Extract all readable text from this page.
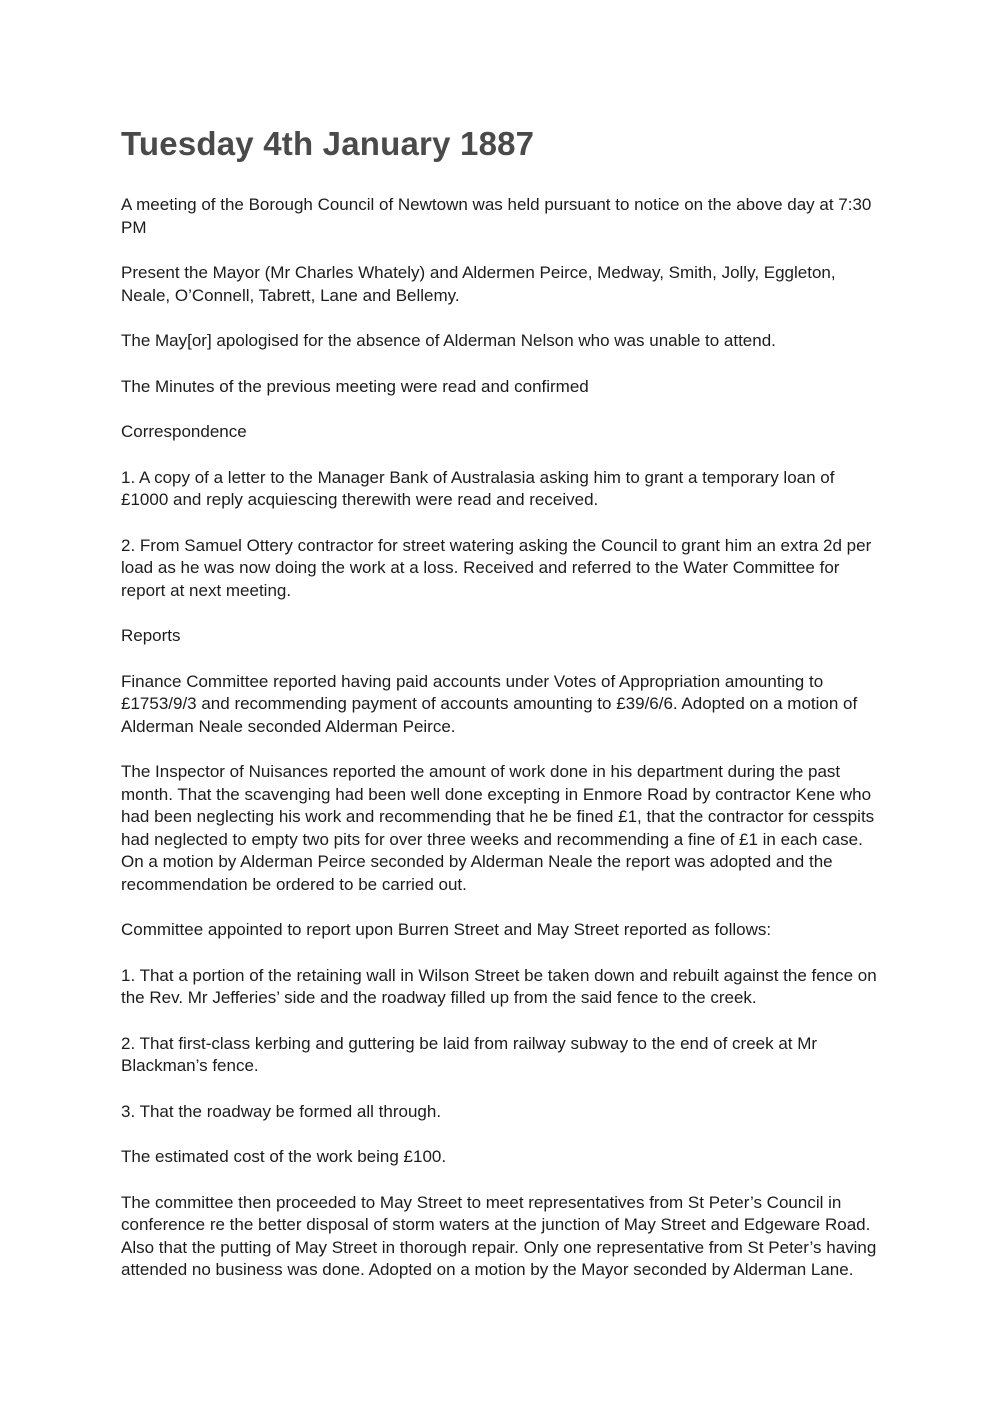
Tuesday 4th January 1887

A meeting of the Borough Council of Newtown was held pursuant to notice on the above day at 7:30 PM

Present the Mayor (Mr Charles Whately) and Aldermen Peirce, Medway, Smith, Jolly, Eggleton, Neale, O’Connell, Tabrett, Lane and Bellemy.

The May[or] apologised for the absence of Alderman Nelson who was unable to attend.

The Minutes of the previous meeting were read and confirmed

Correspondence

1. A copy of a letter to the Manager Bank of Australasia asking him to grant a temporary loan of £1000 and reply acquiescing therewith were read and received.

2. From Samuel Ottery contractor for street watering asking the Council to grant him an extra 2d per load as he was now doing the work at a loss. Received and referred to the Water Committee for report at next meeting.

Reports

Finance Committee reported having paid accounts under Votes of Appropriation amounting to £1753/9/3 and recommending payment of accounts amounting to £39/6/6. Adopted on a motion of Alderman Neale seconded Alderman Peirce.

The Inspector of Nuisances reported the amount of work done in his department during the past month. That the scavenging had been well done excepting in Enmore Road by contractor Kene who had been neglecting his work and recommending that he be fined £1, that the contractor for cesspits had neglected to empty two pits for over three weeks and recommending a fine of £1 in each case. On a motion by Alderman Peirce seconded by Alderman Neale the report was adopted and the recommendation be ordered to be carried out.

Committee appointed to report upon Burren Street and May Street reported as follows:

1. That a portion of the retaining wall in Wilson Street be taken down and rebuilt against the fence on the Rev. Mr Jefferies’ side and the roadway filled up from the said fence to the creek.

2. That first-class kerbing and guttering be laid from railway subway to the end of creek at Mr Blackman’s fence.

3. That the roadway be formed all through.

The estimated cost of the work being £100.

The committee then proceeded to May Street to meet representatives from St Peter’s Council in conference re the better disposal of storm waters at the junction of May Street and Edgeware Road. Also that the putting of May Street in thorough repair. Only one representative from St Peter’s having attended no business was done. Adopted on a motion by the Mayor seconded by Alderman Lane.
